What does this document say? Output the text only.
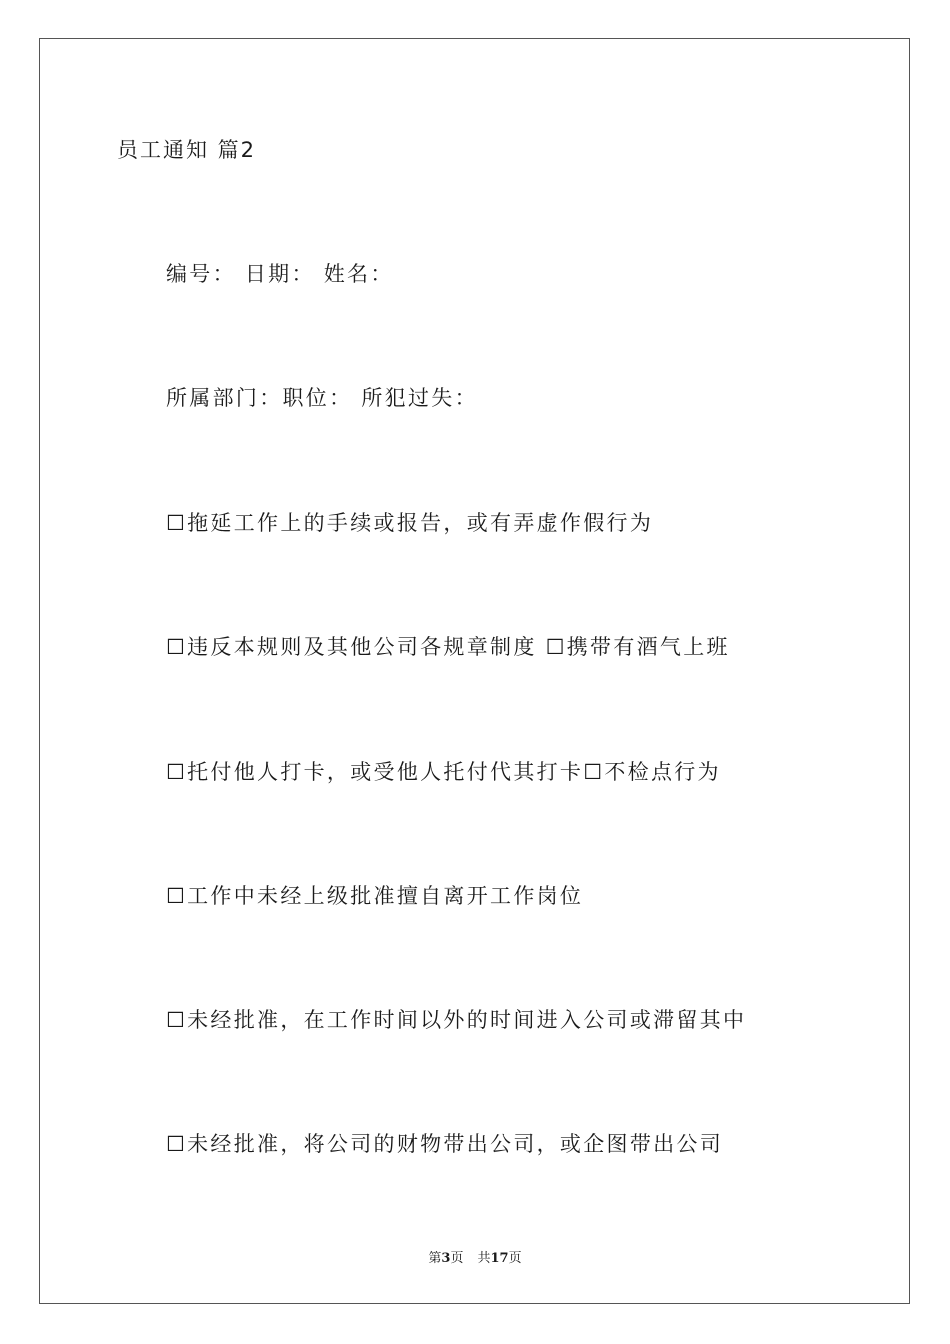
员工通知 篇2
编号： 日期： 姓名：
所属部门：职位： 所犯过失：
☐拖延工作上的手续或报告，或有弄虚作假行为
☐违反本规则及其他公司各规章制度 ☐携带有酒气上班
☐托付他人打卡，或受他人托付代其打卡☐不检点行为
☐工作中未经上级批准擅自离开工作岗位
☐未经批准，在工作时间以外的时间进入公司或滞留其中
☐未经批准，将公司的财物带出公司，或企图带出公司
第3页 共17页
